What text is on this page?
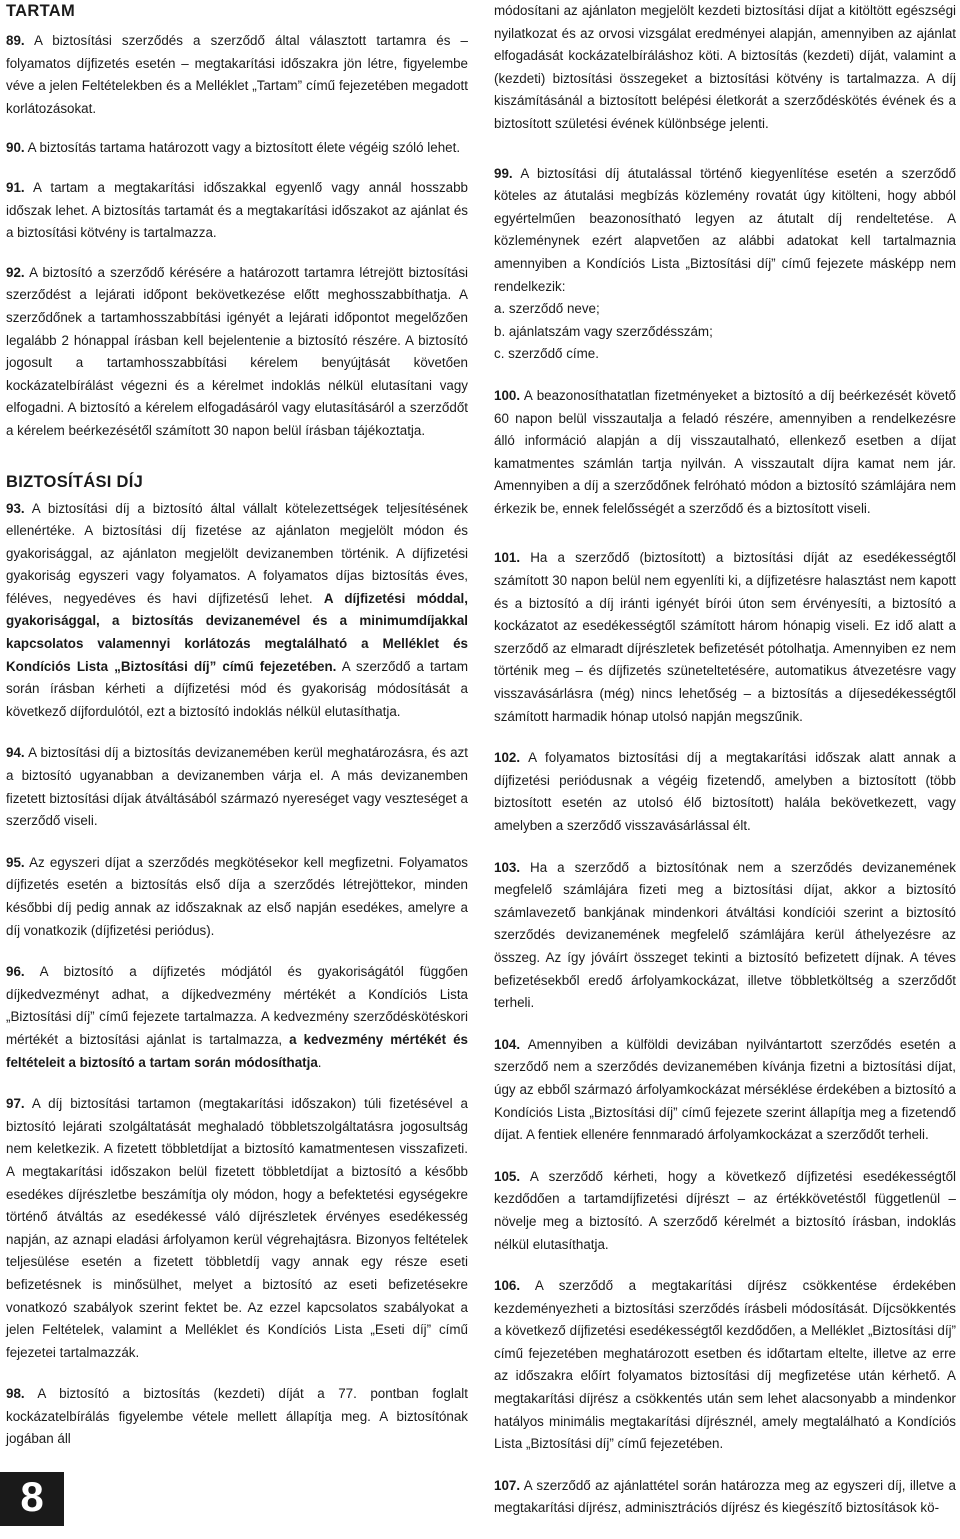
TARTAM

89. A biztosítási szerződés a szerződő által választott tartamra és – folyamatos díjfizetés esetén – megtakarítási időszakra jön létre, figyelembe véve a jelen Feltételekben és a Melléklet „Tartam” című fejezetében megadott korlátozásokat.

90. A biztosítás tartama határozott vagy a biztosított élete végéig szóló lehet.

91. A tartam a megtakarítási időszakkal egyenlő vagy annál hosszabb időszak lehet. A biztosítás tartamát és a megtakarítási időszakot az ajánlat és a biztosítási kötvény is tartalmazza.

92. A biztosító a szerződő kérésére a határozott tartamra létrejött biztosítási szerződést a lejárati időpont bekövetkezése előtt meghosszabbíthatja. A szerződőnek a tartamhosszabbítási igényét a lejárati időpontot megelőzően legalább 2 hónappal írásban kell bejelentenie a biztosító részére. A biztosító jogosult a tartamhosszabbítási kérelem benyújtását követően kockázatelbírálást végezni és a kérelmet indoklás nélkül elutasítani vagy elfogadni. A biztosító a kérelem elfogadásáról vagy elutasításáról a szerződőt a kérelem beérkezésétől számított 30 napon belül írásban tájékoztatja.

BIZTOSÍTÁSI DÍJ

93. A biztosítási díj a biztosító által vállalt kötelezettségek teljesítésének ellenértéke. A biztosítási díj fizetése az ajánlaton megjelölt módon és gyakorisággal, az ajánlaton megjelölt devizanemben történik. A díjfizetési gyakoriság egyszeri vagy folyamatos. A folyamatos díjas biztosítás éves, féléves, negyedéves és havi díjfizetésű lehet. A díjfizetési móddal, gyakorisággal, a biztosítás devizanemével és a minimumdíjakkal kapcsolatos valamennyi korlátozás megtalálható a Melléklet és Kondíciós Lista „Biztosítási díj” című fejezetében. A szerződő a tartam során írásban kérheti a díjfizetési mód és gyakoriság módosítását a következő díjfordulótól, ezt a biztosító indoklás nélkül elutasíthatja.

94. A biztosítási díj a biztosítás devizanemében kerül meghatározásra, és azt a biztosító ugyanabban a devizanemben várja el. A más devizanemben fizetett biztosítási díjak átváltásából származó nyereséget vagy veszteséget a szerződő viseli.

95. Az egyszeri díjat a szerződés megkötésekor kell megfizetni. Folyamatos díjfizetés esetén a biztosítás első díja a szerződés létrejöttekor, minden későbbi díj pedig annak az időszaknak az első napján esedékes, amelyre a díj vonatkozik (díjfizetési periódus).

96. A biztosító a díjfizetés módjától és gyakoriságától függően díjkedvezményt adhat, a díjkedvezmény mértékét a Kondíciós Lista „Biztosítási díj” című fejezete tartalmazza. A kedvezmény szerződéskötéskori mértékét a biztosítási ajánlat is tartalmazza, a kedvezmény mértékét és feltételeit a biztosító a tartam során módosíthatja.

97. A díj biztosítási tartamon (megtakarítási időszakon) túli fizetésével a biztosító lejárati szolgáltatását meghaladó többletszolgáltatásra jogosultság nem keletkezik. A fizetett többletdíjat a biztosító kamatmentesen visszafizeti. A megtakarítási időszakon belül fizetett többletdíjat a biztosító a később esedékes díjrészletbe beszámítja oly módon, hogy a befektetési egységekre történő átváltás az esedékessé váló díjrészletek érvényes esedékesség napján, az aznapi eladási árfolyamon kerül végrehajtásra. Bizonyos feltételek teljesülése esetén a fizetett többletdíj vagy annak egy része eseti befizetésnek is minősülhet, melyet a biztosító az eseti befizetésekre vonatkozó szabályok szerint fektet be. Az ezzel kapcsolatos szabályokat a jelen Feltételek, valamint a Melléklet és Kondíciós Lista „Eseti díj” című fejezetei tartalmazzák.

98. A biztosító a biztosítás (kezdeti) díját a 77. pontban foglalt kockázatelbírálás figyelembe vétele mellett állapítja meg. A biztosítónak jogában áll

módosítani az ajánlaton megjelölt kezdeti biztosítási díjat a kitöltött egészségi nyilatkozat és az orvosi vizsgálat eredményei alapján, amennyiben az ajánlat elfogadását kockázatelbíráláshoz köti. A biztosítás (kezdeti) díját, valamint a (kezdeti) biztosítási összegeket a biztosítási kötvény is tartalmazza. A díj kiszámításánál a biztosított belépési életkorát a szerződéskötés évének és a biztosított születési évének különbsége jelenti.

99. A biztosítási díj átutalással történő kiegyenlítése esetén a szerződő köteles az átutalási megbízás közlemény rovatát úgy kitölteni, hogy abból egyértelműen beazonosítható legyen az átutalt díj rendeltetése. A közleménynek ezért alapvetően az alábbi adatokat kell tartalmaznia amennyiben a Kondíciós Lista „Biztosítási díj” című fejezete másképp nem rendelkezik:

a. szerződő neve;
b. ajánlatszám vagy szerződésszám;
c. szerződő címe.

100. A beazonosíthatatlan fizetményeket a biztosító a díj beérkezését követő 60 napon belül visszautalja a feladó részére, amennyiben a rendelkezésre álló információ alapján a díj visszautalható, ellenkező esetben a díjat kamatmentes számlán tartja nyilván. A visszautalt díjra kamat nem jár. Amennyiben a díj a szerződőnek felróható módon a biztosító számlájára nem érkezik be, ennek felelősségét a szerződő és a biztosított viseli.

101. Ha a szerződő (biztosított) a biztosítási díját az esedékességtől számított 30 napon belül nem egyenlíti ki, a díjfizetésre halasztást nem kapott és a biztosító a díj iránti igényét bírói úton sem érvényesíti, a biztosító a kockázatot az esedékességtől számított három hónapig viseli. Ez idő alatt a szerződő az elmaradt díjrészletek befizetését pótolhatja. Amennyiben ez nem történik meg – és díjfizetés szüneteltetésére, automatikus átvezetésre vagy visszavásárlásra (még) nincs lehetőség – a biztosítás a díjesedékességtől számított harmadik hónap utolsó napján megszűnik.

102. A folyamatos biztosítási díj a megtakarítási időszak alatt annak a díjfizetési periódusnak a végéig fizetendő, amelyben a biztosított (több biztosított esetén az utolsó élő biztosított) halála bekövetkezett, vagy amelyben a szerződő visszavásárlással élt.

103. Ha a szerződő a biztosítónak nem a szerződés devizanemének megfelelő számlájára fizeti meg a biztosítási díjat, akkor a biztosító számlavezető bankjának mindenkori átváltási kondíciói szerint a biztosító szerződés devizanemének megfelelő számlájára kerül áthelyezésre az összeg. Az így jóváírt összeget tekinti a biztosító befizetett díjnak. A téves befizetésekből eredő árfolyamkockázat, illetve többletköltség a szerződőt terheli.

104. Amennyiben a külföldi devizában nyilvántartott szerződés esetén a szerződő nem a szerződés devizanemében kívánja fizetni a biztosítási díjat, úgy az ebből származó árfolyamkockázat mérséklése érdekében a biztosító a Kondíciós Lista „Biztosítási díj” című fejezete szerint állapítja meg a fizetendő díjat. A fentiek ellenére fennmaradó árfolyamkockázat a szerződőt terheli.

105. A szerződő kérheti, hogy a következő díjfizetési esedékességtől kezdődően a tartamdíjfizetési díjrészt – az értékkövetéstől függetlenül – növelje meg a biztosító. A szerződő kérelmét a biztosító írásban, indoklás nélkül elutasíthatja.

106. A szerződő a megtakarítási díjrész csökkentése érdekében kezdeményezheti a biztosítási szerződés írásbeli módosítását. Díjcsökkentés a következő díjfizetési esedékességtől kezdődően, a Melléklet „Biztosítási díj” című fejezetében meghatározott esetben és időtartam eltelte, illetve az erre az időszakra előírt folyamatos biztosítási díj megfizetése után kérhető. A megtakarítási díjrész a csökkentés után sem lehet alacsonyabb a mindenkor hatályos minimális megtakarítási díjrésznél, amely megtalálható a Kondíciós Lista „Biztosítási díj” című fejezetében.

107. A szerződő az ajánlattétel során határozza meg az egyszeri díj, illetve a megtakarítási díjrész, adminisztrációs díjrész és kiegészítő biztosítások kö-

8
